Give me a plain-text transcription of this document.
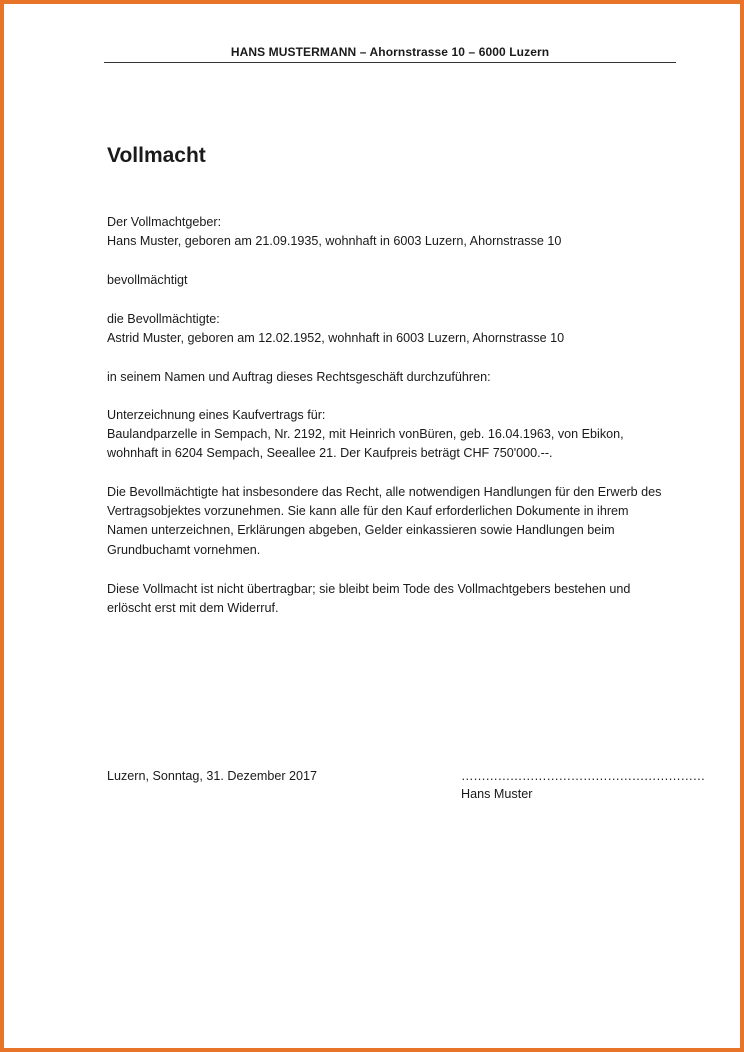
HANS MUSTERMANN – Ahornstrasse 10 – 6000 Luzern
Vollmacht
Der Vollmachtgeber:
Hans Muster, geboren am 21.09.1935, wohnhaft in 6003 Luzern, Ahornstrasse 10
bevollmächtigt
die Bevollmächtigte:
Astrid Muster, geboren am 12.02.1952, wohnhaft in 6003 Luzern, Ahornstrasse 10
in seinem Namen und Auftrag dieses Rechtsgeschäft durchzuführen:
Unterzeichnung eines Kaufvertrags für:
Baulandparzelle in Sempach, Nr. 2192, mit Heinrich vonBüren, geb. 16.04.1963, von Ebikon,
wohnhaft in 6204 Sempach, Seeallee 21. Der Kaufpreis beträgt CHF 750'000.--.
Die Bevollmächtigte hat insbesondere das Recht, alle notwendigen Handlungen für den Erwerb des
Vertragsobjektes vorzunehmen. Sie kann alle für den Kauf erforderlichen Dokumente in ihrem
Namen unterzeichnen, Erklärungen abgeben, Gelder einkassieren sowie Handlungen beim
Grundbuchamt vornehmen.
Diese Vollmacht ist nicht übertragbar; sie bleibt beim Tode des Vollmachtgebers bestehen und
erlöscht erst mit dem Widerruf.
Luzern, Sonntag, 31. Dezember 2017	……………………………………………………
Hans Muster
